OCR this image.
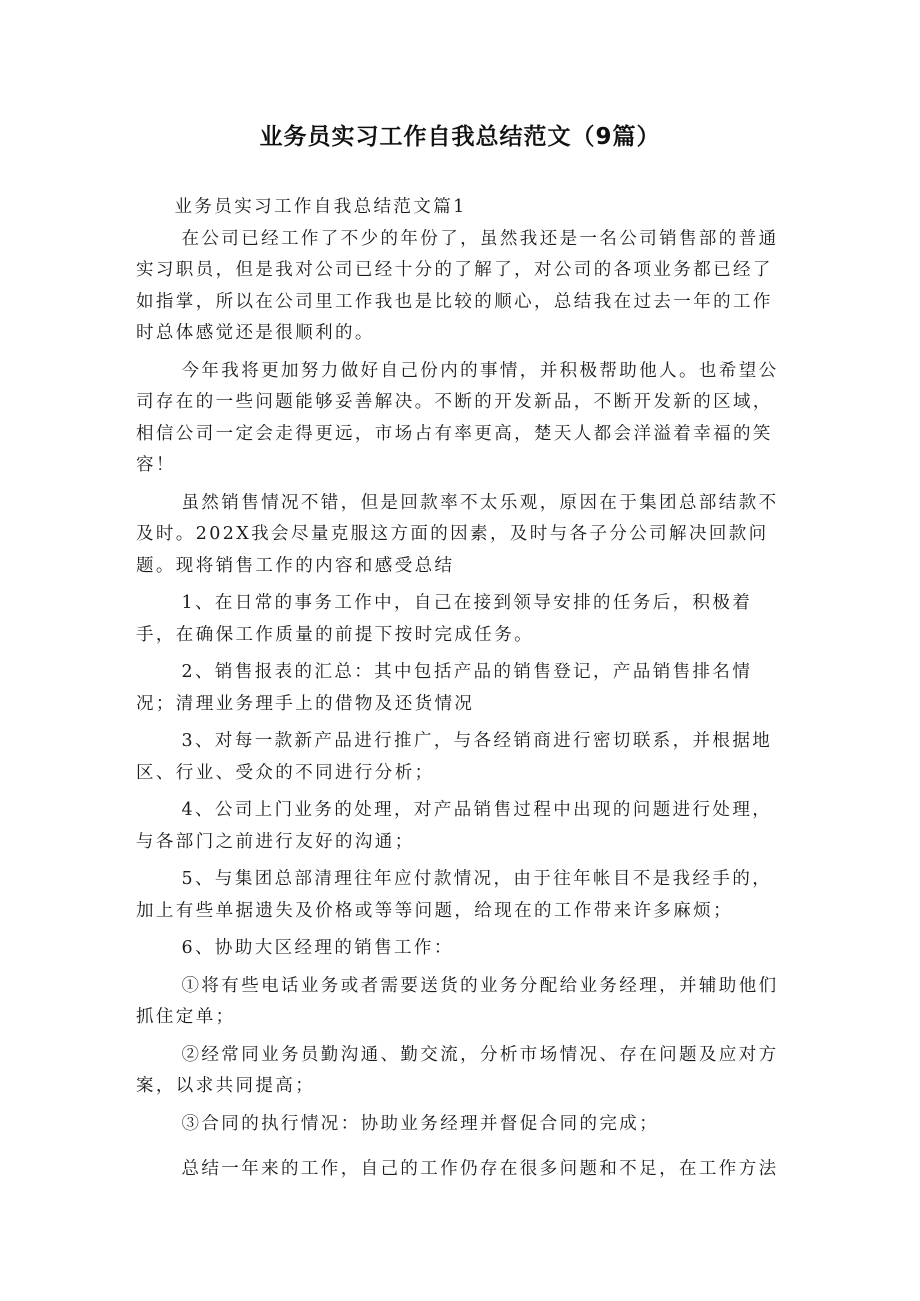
业务员实习工作自我总结范文（9篇）

业务员实习工作自我总结范文篇1

在公司已经工作了不少的年份了，虽然我还是一名公司销售部的普通实习职员，但是我对公司已经十分的了解了，对公司的各项业务都已经了如指掌，所以在公司里工作我也是比较的顺心，总结我在过去一年的工作时总体感觉还是很顺利的。

今年我将更加努力做好自己份内的事情，并积极帮助他人。也希望公司存在的一些问题能够妥善解决。不断的开发新品，不断开发新的区域，相信公司一定会走得更远，市场占有率更高，楚天人都会洋溢着幸福的笑容！

虽然销售情况不错，但是回款率不太乐观，原因在于集团总部结款不及时。202X我会尽量克服这方面的因素，及时与各子分公司解决回款问题。现将销售工作的内容和感受总结

1、在日常的事务工作中，自己在接到领导安排的任务后，积极着手，在确保工作质量的前提下按时完成任务。

2、销售报表的汇总：其中包括产品的销售登记，产品销售排名情况；清理业务理手上的借物及还货情况

3、对每一款新产品进行推广，与各经销商进行密切联系，并根据地区、行业、受众的不同进行分析；

4、公司上门业务的处理，对产品销售过程中出现的问题进行处理，与各部门之前进行友好的沟通；

5、与集团总部清理往年应付款情况，由于往年帐目不是我经手的，加上有些单据遗失及价格或等等问题，给现在的工作带来许多麻烦；

6、协助大区经理的销售工作：

①将有些电话业务或者需要送货的业务分配给业务经理，并辅助他们抓住定单；

②经常同业务员勤沟通、勤交流，分析市场情况、存在问题及应对方案，以求共同提高；

③合同的执行情况：协助业务经理并督促合同的完成；

总结一年来的工作，自己的工作仍存在很多问题和不足，在工作方法
